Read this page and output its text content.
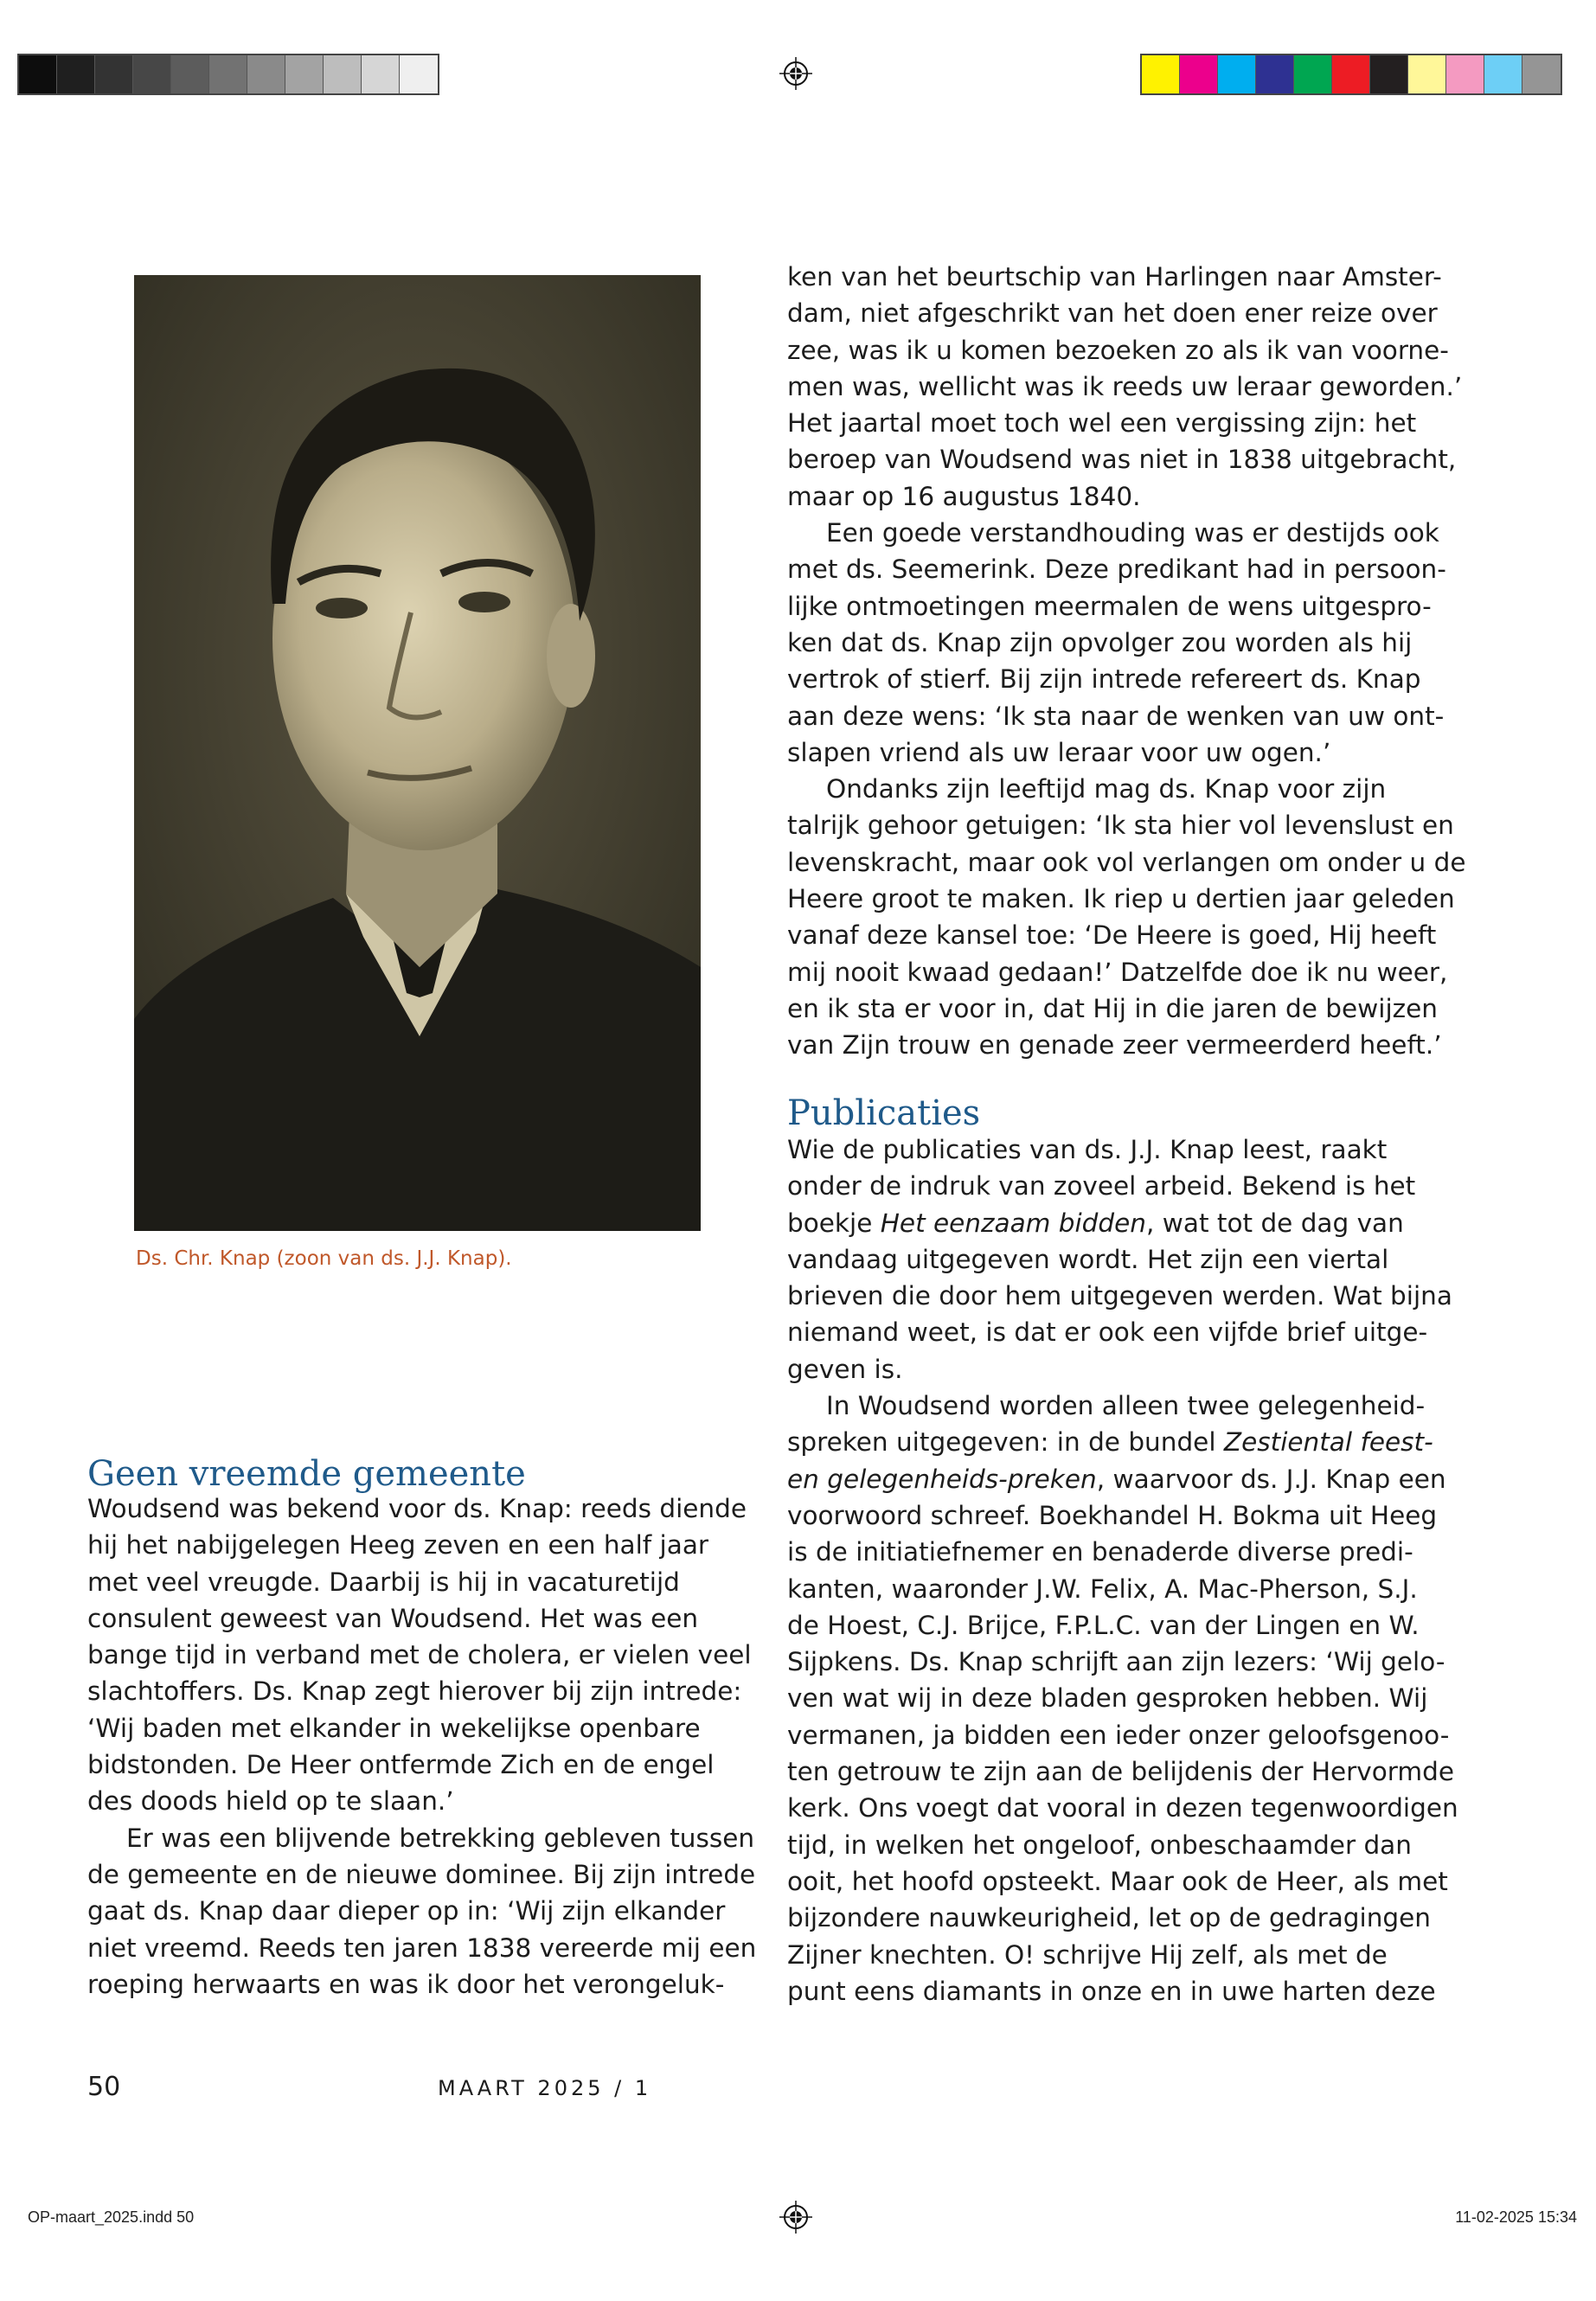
Ds. Chr. Knap (zoon van ds. J.J. Knap).
Geen vreemde gemeente

Woudsend was bekend voor ds. Knap: reeds diende

hij het nabijgelegen Heeg zeven en een half jaar

met veel vreugde. Daarbij is hij in vacaturetijd

consulent geweest van Woudsend. Het was een

bange tijd in verband met de cholera, er vielen veel

slachtoffers. Ds. Knap zegt hierover bij zijn intrede:

‘Wij baden met elkander in wekelijkse openbare

bidstonden. De Heer ontfermde Zich en de engel

des doods hield op te slaan.’

Er was een blijvende betrekking gebleven tussen

de gemeente en de nieuwe dominee. Bij zijn intrede

gaat ds. Knap daar dieper op in: ‘Wij zijn elkander

niet vreemd. Reeds ten jaren 1838 vereerde mij een

roeping herwaarts en was ik door het verongeluk-

ken van het beurtschip van Harlingen naar Amster-

dam, niet afgeschrikt van het doen ener reize over

zee, was ik u komen bezoeken zo als ik van voorne-

men was, wellicht was ik reeds uw leraar geworden.’

Het jaartal moet toch wel een vergissing zijn: het

beroep van Woudsend was niet in 1838 uitgebracht,

maar op 16 augustus 1840.

Een goede verstandhouding was er destijds ook

met ds. Seemerink. Deze predikant had in persoon-

lijke ontmoetingen meermalen de wens uitgespro-

ken dat ds. Knap zijn opvolger zou worden als hij

vertrok of stierf. Bij zijn intrede refereert ds. Knap

aan deze wens: ‘Ik sta naar de wenken van uw ont-

slapen vriend als uw leraar voor uw ogen.’

Ondanks zijn leeftijd mag ds. Knap voor zijn

talrijk gehoor getuigen: ‘Ik sta hier vol levenslust en

levenskracht, maar ook vol verlangen om onder u de

Heere groot te maken. Ik riep u dertien jaar geleden

vanaf deze kansel toe: ‘De Heere is goed, Hij heeft

mij nooit kwaad gedaan!’ Datzelfde doe ik nu weer,

en ik sta er voor in, dat Hij in die jaren de bewijzen

van Zijn trouw en genade zeer vermeerderd heeft.’

Publicaties

Wie de publicaties van ds. J.J. Knap leest, raakt

onder de indruk van zoveel arbeid. Bekend is het

boekje Het eenzaam bidden, wat tot de dag van

vandaag uitgegeven wordt. Het zijn een viertal

brieven die door hem uitgegeven werden. Wat bijna

niemand weet, is dat er ook een vijfde brief uitge-

geven is.

In Woudsend worden alleen twee gelegenheid-

spreken uitgegeven: in de bundel Zestiental feest-

en gelegenheids-preken, waarvoor ds. J.J. Knap een

voorwoord schreef. Boekhandel H. Bokma uit Heeg

is de initiatiefnemer en benaderde diverse predi-

kanten, waaronder J.W. Felix, A. Mac-Pherson, S.J.

de Hoest, C.J. Brijce, F.P.L.C. van der Lingen en W.

Sijpkens. Ds. Knap schrijft aan zijn lezers: ‘Wij gelo-

ven wat wij in deze bladen gesproken hebben. Wij

vermanen, ja bidden een ieder onzer geloofsgenoo-

ten getrouw te zijn aan de belijdenis der Hervormde

kerk. Ons voegt dat vooral in dezen tegenwoordigen

tijd, in welken het ongeloof, onbeschaamder dan

ooit, het hoofd opsteekt. Maar ook de Heer, als met

bijzondere nauwkeurigheid, let op de gedragingen

Zijner knechten. O! schrijve Hij zelf, als met de

punt eens diamants in onze en in uwe harten deze

50	MAART 2025 / 1
OP-maart_2025.indd 50	11-02-2025 15:34
